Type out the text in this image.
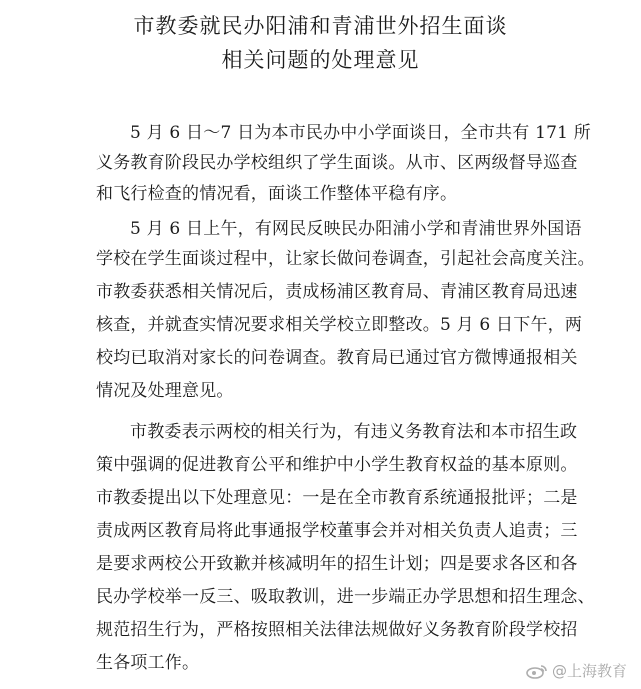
市教委就民办阳浦和青浦世外招生面谈
相关问题的处理意见

5 月 6 日～7 日为本市民办中小学面谈日，全市共有 171 所

义务教育阶段民办学校组织了学生面谈。从市、区两级督导巡查

和飞行检查的情况看，面谈工作整体平稳有序。

5 月 6 日上午，有网民反映民办阳浦小学和青浦世界外国语

学校在学生面谈过程中，让家长做问卷调查，引起社会高度关注。

市教委获悉相关情况后，责成杨浦区教育局、青浦区教育局迅速

核查，并就查实情况要求相关学校立即整改。5 月 6 日下午，两

校均已取消对家长的问卷调查。教育局已通过官方微博通报相关

情况及处理意见。

市教委表示两校的相关行为，有违义务教育法和本市招生政

策中强调的促进教育公平和维护中小学生教育权益的基本原则。

市教委提出以下处理意见：一是在全市教育系统通报批评；二是

责成两区教育局将此事通报学校董事会并对相关负责人追责；三

是要求两校公开致歉并核减明年的招生计划；四是要求各区和各

民办学校举一反三、吸取教训，进一步端正办学思想和招生理念、

规范招生行为，严格按照相关法律法规做好义务教育阶段学校招

生各项工作。	@上海教育
